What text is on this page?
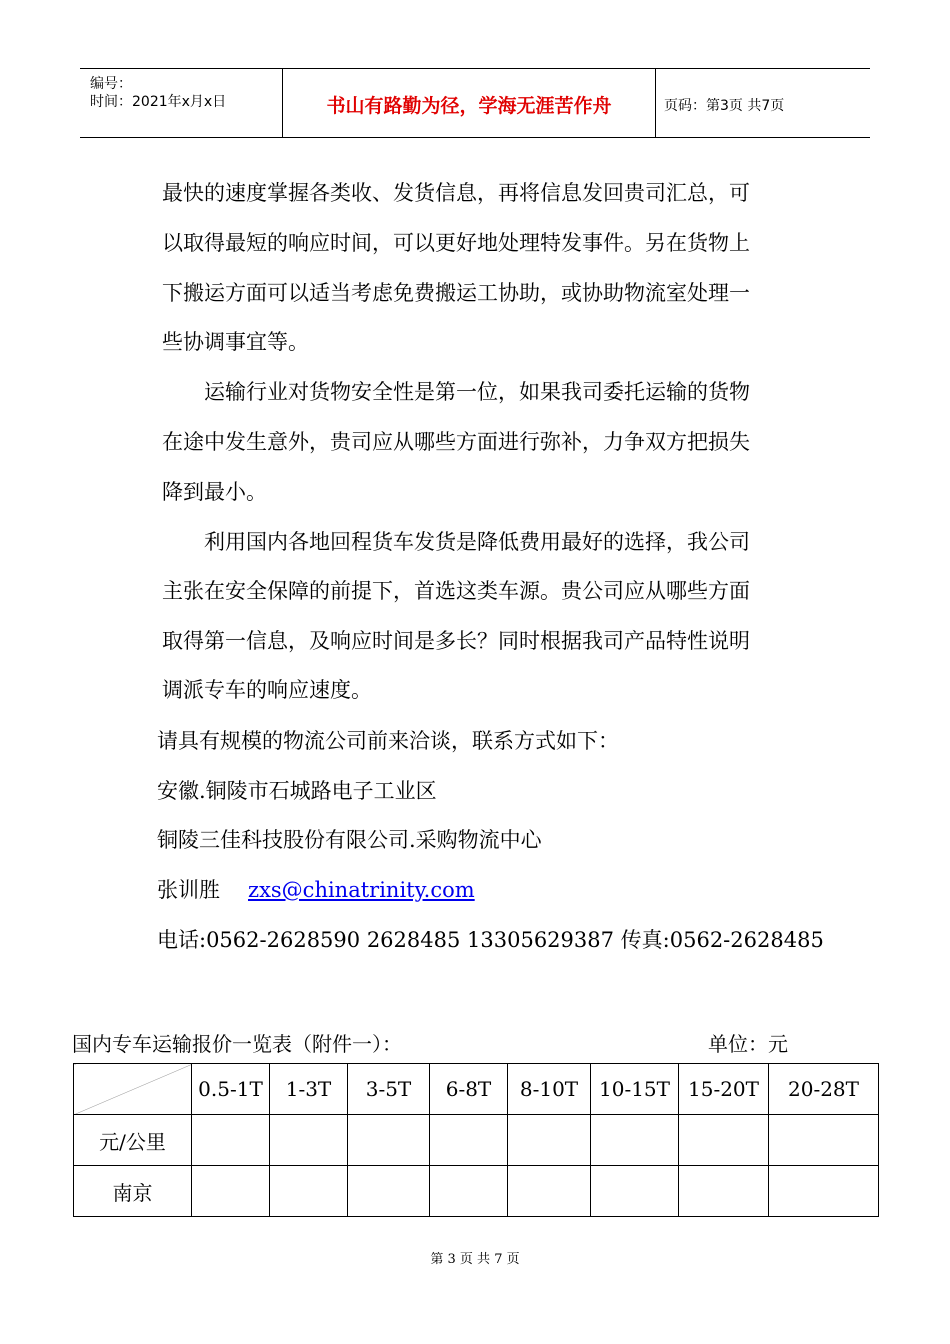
编号：
时间：2021年x月x日	书山有路勤为径，学海无涯苦作舟	页码：第3页 共7页
最快的速度掌握各类收、发货信息，再将信息发回贵司汇总，可
以取得最短的响应时间，可以更好地处理特发事件。另在货物上
下搬运方面可以适当考虑免费搬运工协助，或协助物流室处理一
些协调事宜等。
　　运输行业对货物安全性是第一位，如果我司委托运输的货物
在途中发生意外，贵司应从哪些方面进行弥补，力争双方把损失
降到最小。
　　利用国内各地回程货车发货是降低费用最好的选择，我公司
主张在安全保障的前提下，首选这类车源。贵公司应从哪些方面
取得第一信息，及响应时间是多长？同时根据我司产品特性说明
调派专车的响应速度。
请具有规模的物流公司前来洽谈，联系方式如下：
安徽.铜陵市石城路电子工业区
铜陵三佳科技股份有限公司.采购物流中心
张训胜 zxs@chinatrinity.com
电话:0562-2628590 2628485 13305629387 传真:0562-2628485
国内专车运输报价一览表（附件一）：	单位：元
	0.5-1T	1-3T	3-5T	6-8T	8-10T	10-15T	15-20T	20-28T
元/公里								
南京								
第 3 页 共 7 页
